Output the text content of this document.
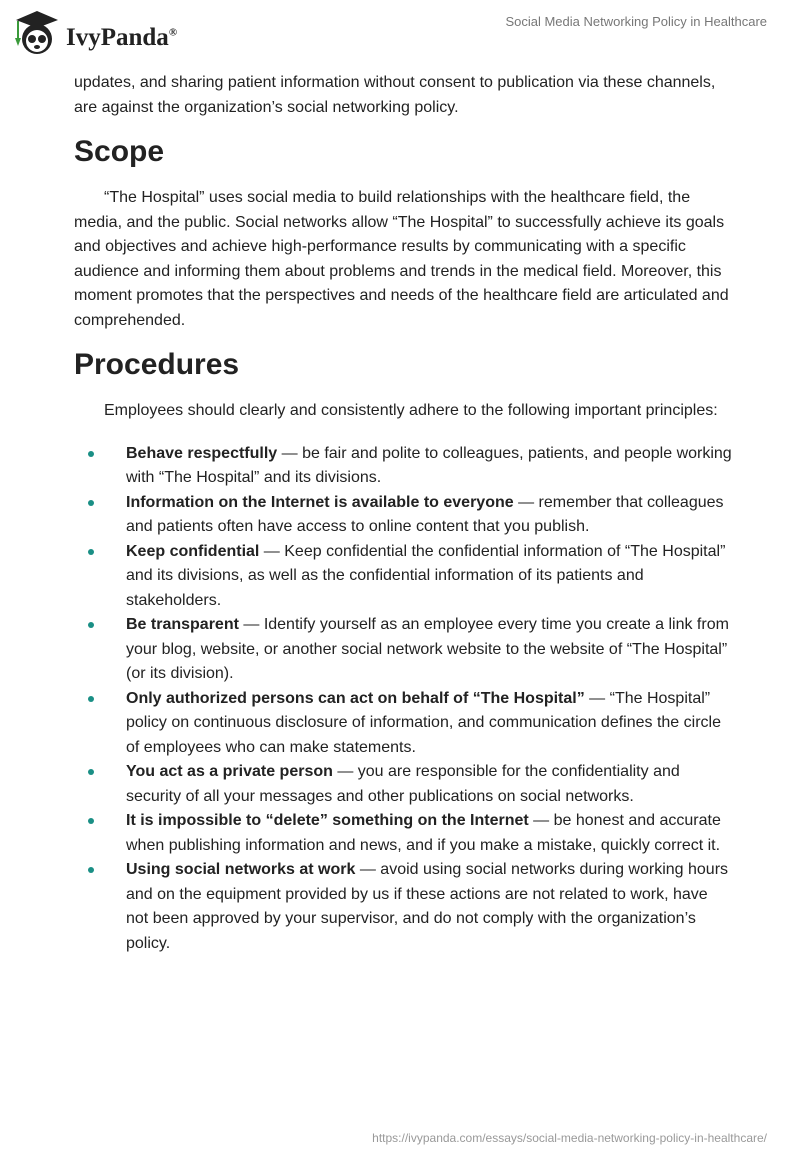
IvyPanda®
Social Media Networking Policy in Healthcare

updates, and sharing patient information without consent to publication via these channels, are against the organization’s social networking policy.

Scope

“The Hospital” uses social media to build relationships with the healthcare field, the media, and the public. Social networks allow “The Hospital” to successfully achieve its goals and objectives and achieve high-performance results by communicating with a specific audience and informing them about problems and trends in the medical field. Moreover, this moment promotes that the perspectives and needs of the healthcare field are articulated and comprehended.

Procedures

Employees should clearly and consistently adhere to the following important principles:

Behave respectfully — be fair and polite to colleagues, patients, and people working with “The Hospital” and its divisions.
Information on the Internet is available to everyone — remember that colleagues and patients often have access to online content that you publish.
Keep confidential — Keep confidential the confidential information of “The Hospital” and its divisions, as well as the confidential information of its patients and stakeholders.
Be transparent — Identify yourself as an employee every time you create a link from your blog, website, or another social network website to the website of “The Hospital” (or its division).
Only authorized persons can act on behalf of “The Hospital” — “The Hospital” policy on continuous disclosure of information, and communication defines the circle of employees who can make statements.
You act as a private person — you are responsible for the confidentiality and security of all your messages and other publications on social networks.
It is impossible to “delete” something on the Internet — be honest and accurate when publishing information and news, and if you make a mistake, quickly correct it.
Using social networks at work — avoid using social networks during working hours and on the equipment provided by us if these actions are not related to work, have not been approved by your supervisor, and do not comply with the organization’s policy.
https://ivypanda.com/essays/social-media-networking-policy-in-healthcare/
